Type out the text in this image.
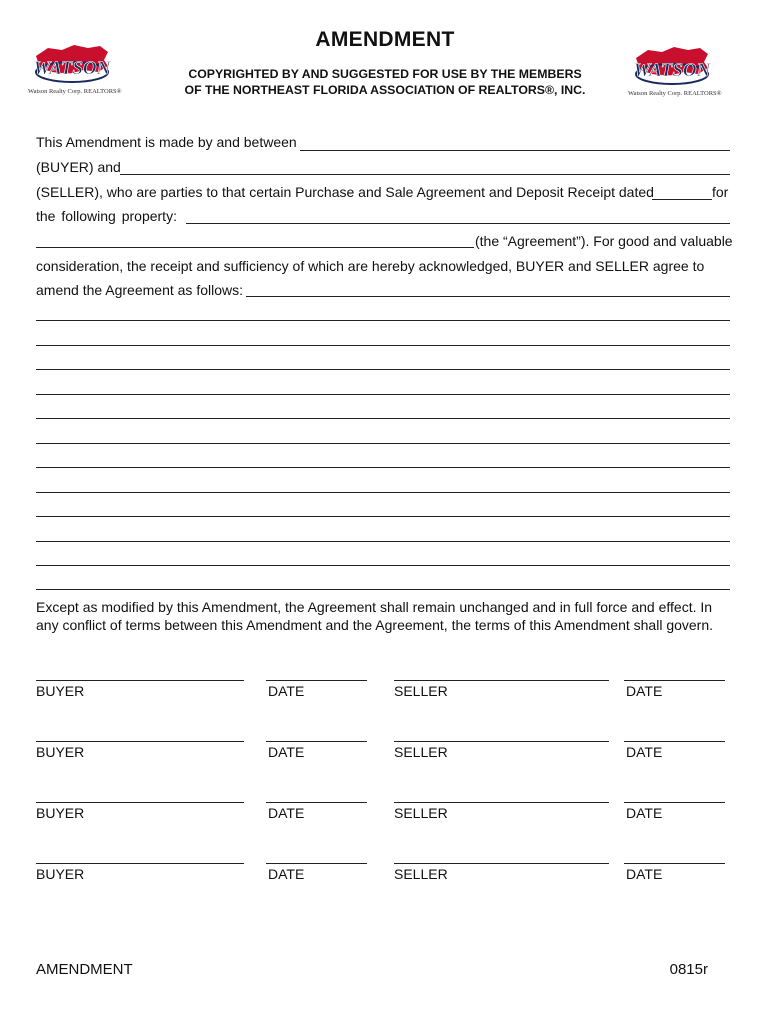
WATSON
Watson Realty Corp. REALTORS®
WATSON
Watson Realty Corp. REALTORS®
AMENDMENT
COPYRIGHTED BY AND SUGGESTED FOR USE BY THE MEMBERS
OF THE NORTHEAST FLORIDA ASSOCIATION OF REALTORS®, INC.
This Amendment is made by and between
(BUYER) and
(SELLER), who are parties to that certain Purchase and Sale Agreement and Deposit Receipt dated	for
the following property:
(the “Agreement”). For good and valuable
consideration, the receipt and sufficiency of which are hereby acknowledged, BUYER and SELLER agree to
amend the Agreement as follows:
Except as modified by this Amendment, the Agreement shall remain unchanged and in full force and effect. In any conflict of terms between this Amendment and the Agreement, the terms of this Amendment shall govern.
BUYER	DATE	SELLER	DATE
BUYER	DATE	SELLER	DATE
BUYER	DATE	SELLER	DATE
BUYER	DATE	SELLER	DATE
AMENDMENT	0815r
